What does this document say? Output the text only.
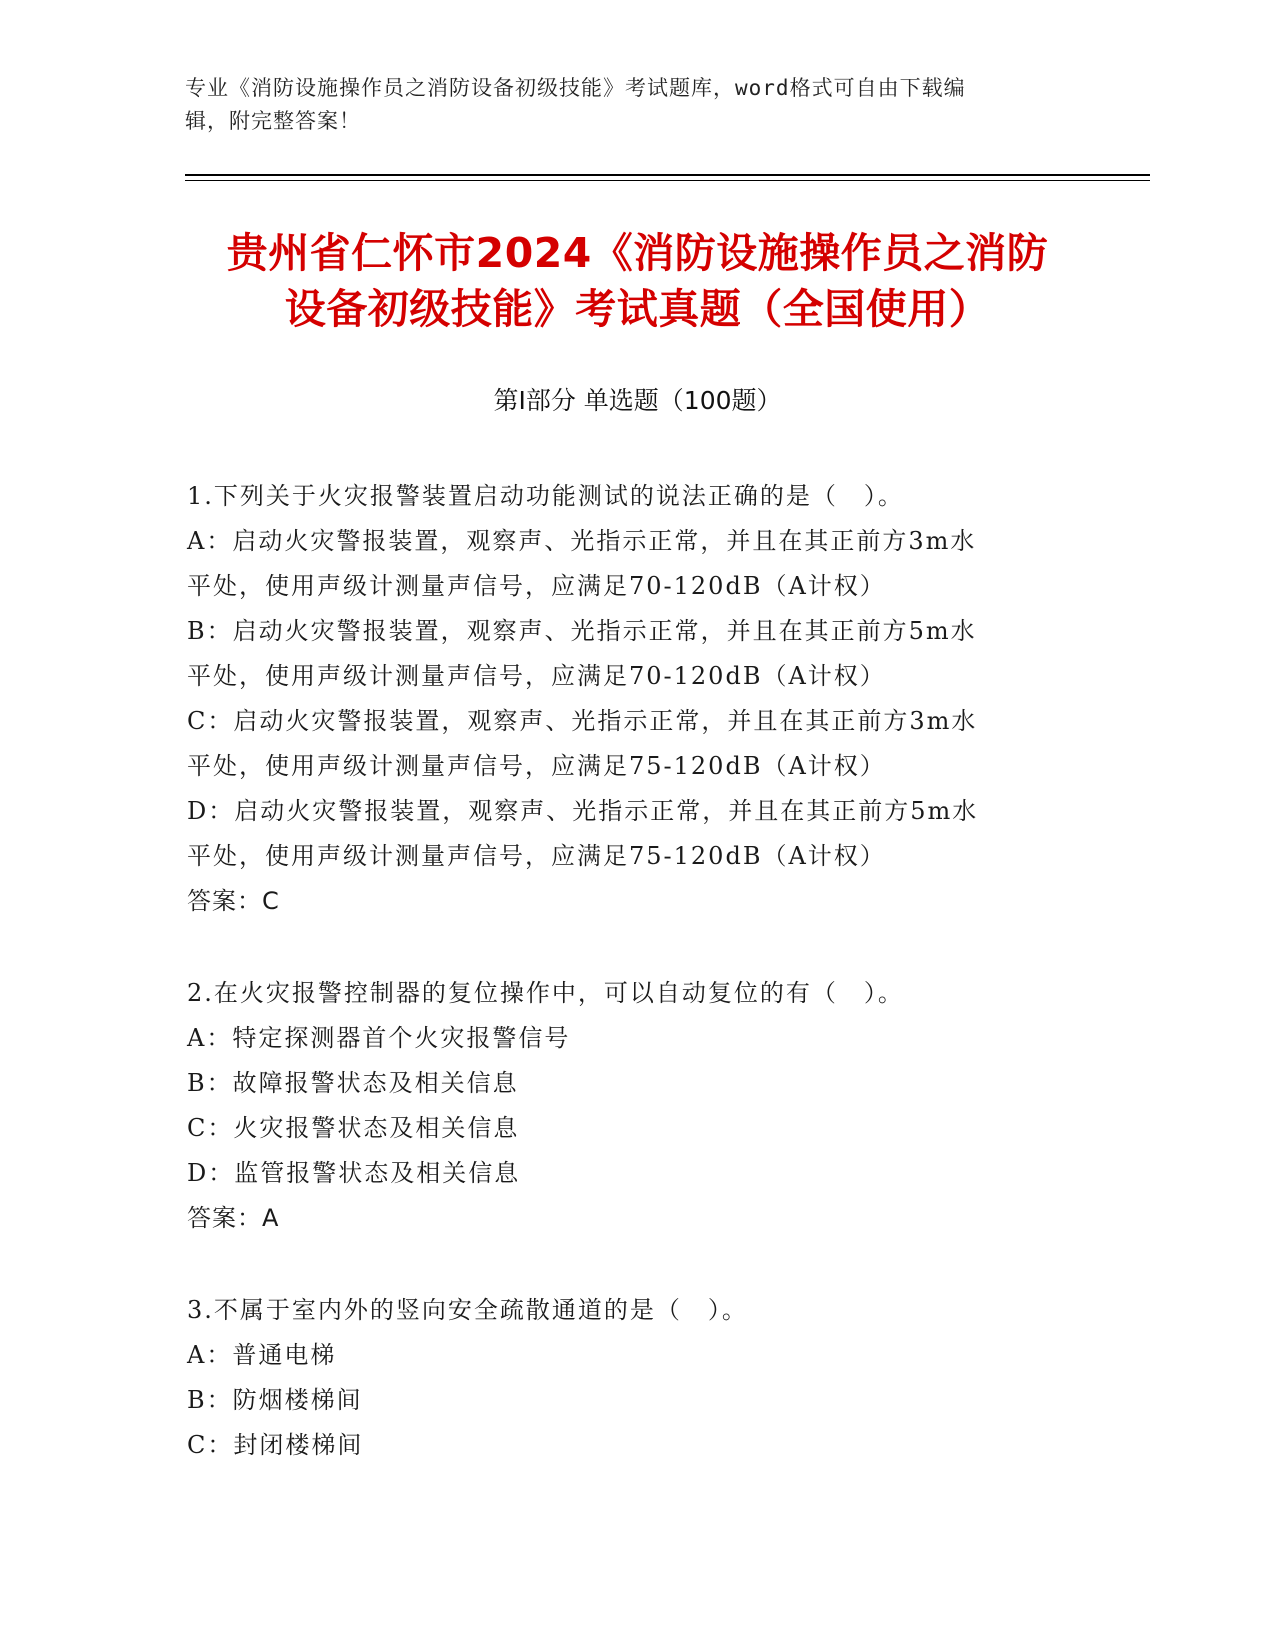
专业《消防设施操作员之消防设备初级技能》考试题库，word格式可自由下载编
辑，附完整答案！
贵州省仁怀市2024《消防设施操作员之消防
设备初级技能》考试真题（全国使用）
第Ⅰ部分 单选题（100题）

1.下列关于火灾报警装置启动功能测试的说法正确的是（　）。

A：启动火灾警报装置，观察声、光指示正常，并且在其正前方3m水

平处，使用声级计测量声信号，应满足70-120dB（A计权）

B：启动火灾警报装置，观察声、光指示正常，并且在其正前方5m水

平处，使用声级计测量声信号，应满足70-120dB（A计权）

C：启动火灾警报装置，观察声、光指示正常，并且在其正前方3m水

平处，使用声级计测量声信号，应满足75-120dB（A计权）

D：启动火灾警报装置，观察声、光指示正常，并且在其正前方5m水

平处，使用声级计测量声信号，应满足75-120dB（A计权）

答案：C

2.在火灾报警控制器的复位操作中，可以自动复位的有（　）。

A：特定探测器首个火灾报警信号

B：故障报警状态及相关信息

C：火灾报警状态及相关信息

D：监管报警状态及相关信息

答案：A

3.不属于室内外的竖向安全疏散通道的是（　）。

A：普通电梯

B：防烟楼梯间

C：封闭楼梯间
